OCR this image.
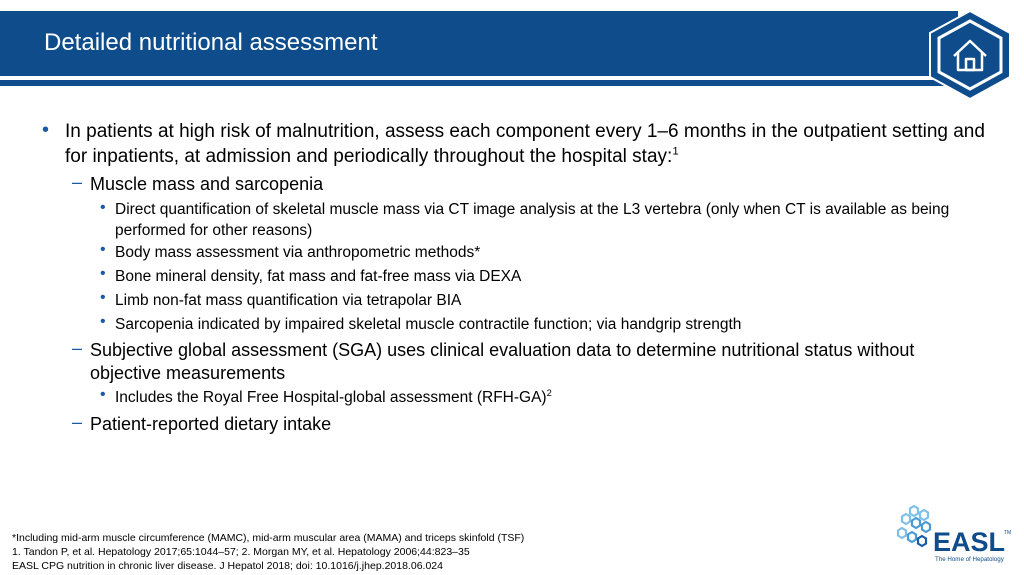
Detailed nutritional assessment
• In patients at high risk of malnutrition, assess each component every 1–6 months in the outpatient setting and for inpatients, at admission and periodically throughout the hospital stay:$^1$
– Muscle mass and sarcopenia
• Direct quantification of skeletal muscle mass via CT image analysis at the L3 vertebra (only when CT is available as being performed for other reasons)
• Body mass assessment via anthropometric methods*
• Bone mineral density, fat mass and fat-free mass via DEXA
• Limb non-fat mass quantification via tetrapolar BIA
• Sarcopenia indicated by impaired skeletal muscle contractile function; via handgrip strength
– Subjective global assessment (SGA) uses clinical evaluation data to determine nutritional status without objective measurements
• Includes the Royal Free Hospital-global assessment $(RFH-GA)^2$
– Patient-reported dietary intake
*Including mid-arm muscle circumference (MAMC), mid-arm muscular area (MAMA) and triceps skinfold (TSF)
1. Tandon P, et al. Hepatology 2017;65:1044–57; 2. Morgan MY, et al. Hepatology 2006;44:823–35
EASL CPG nutrition in chronic liver disease. J Hepatol 2018; doi: 10.1016/j.jhep.2018.06.024
EASL
TM
The Home of Hepatology
